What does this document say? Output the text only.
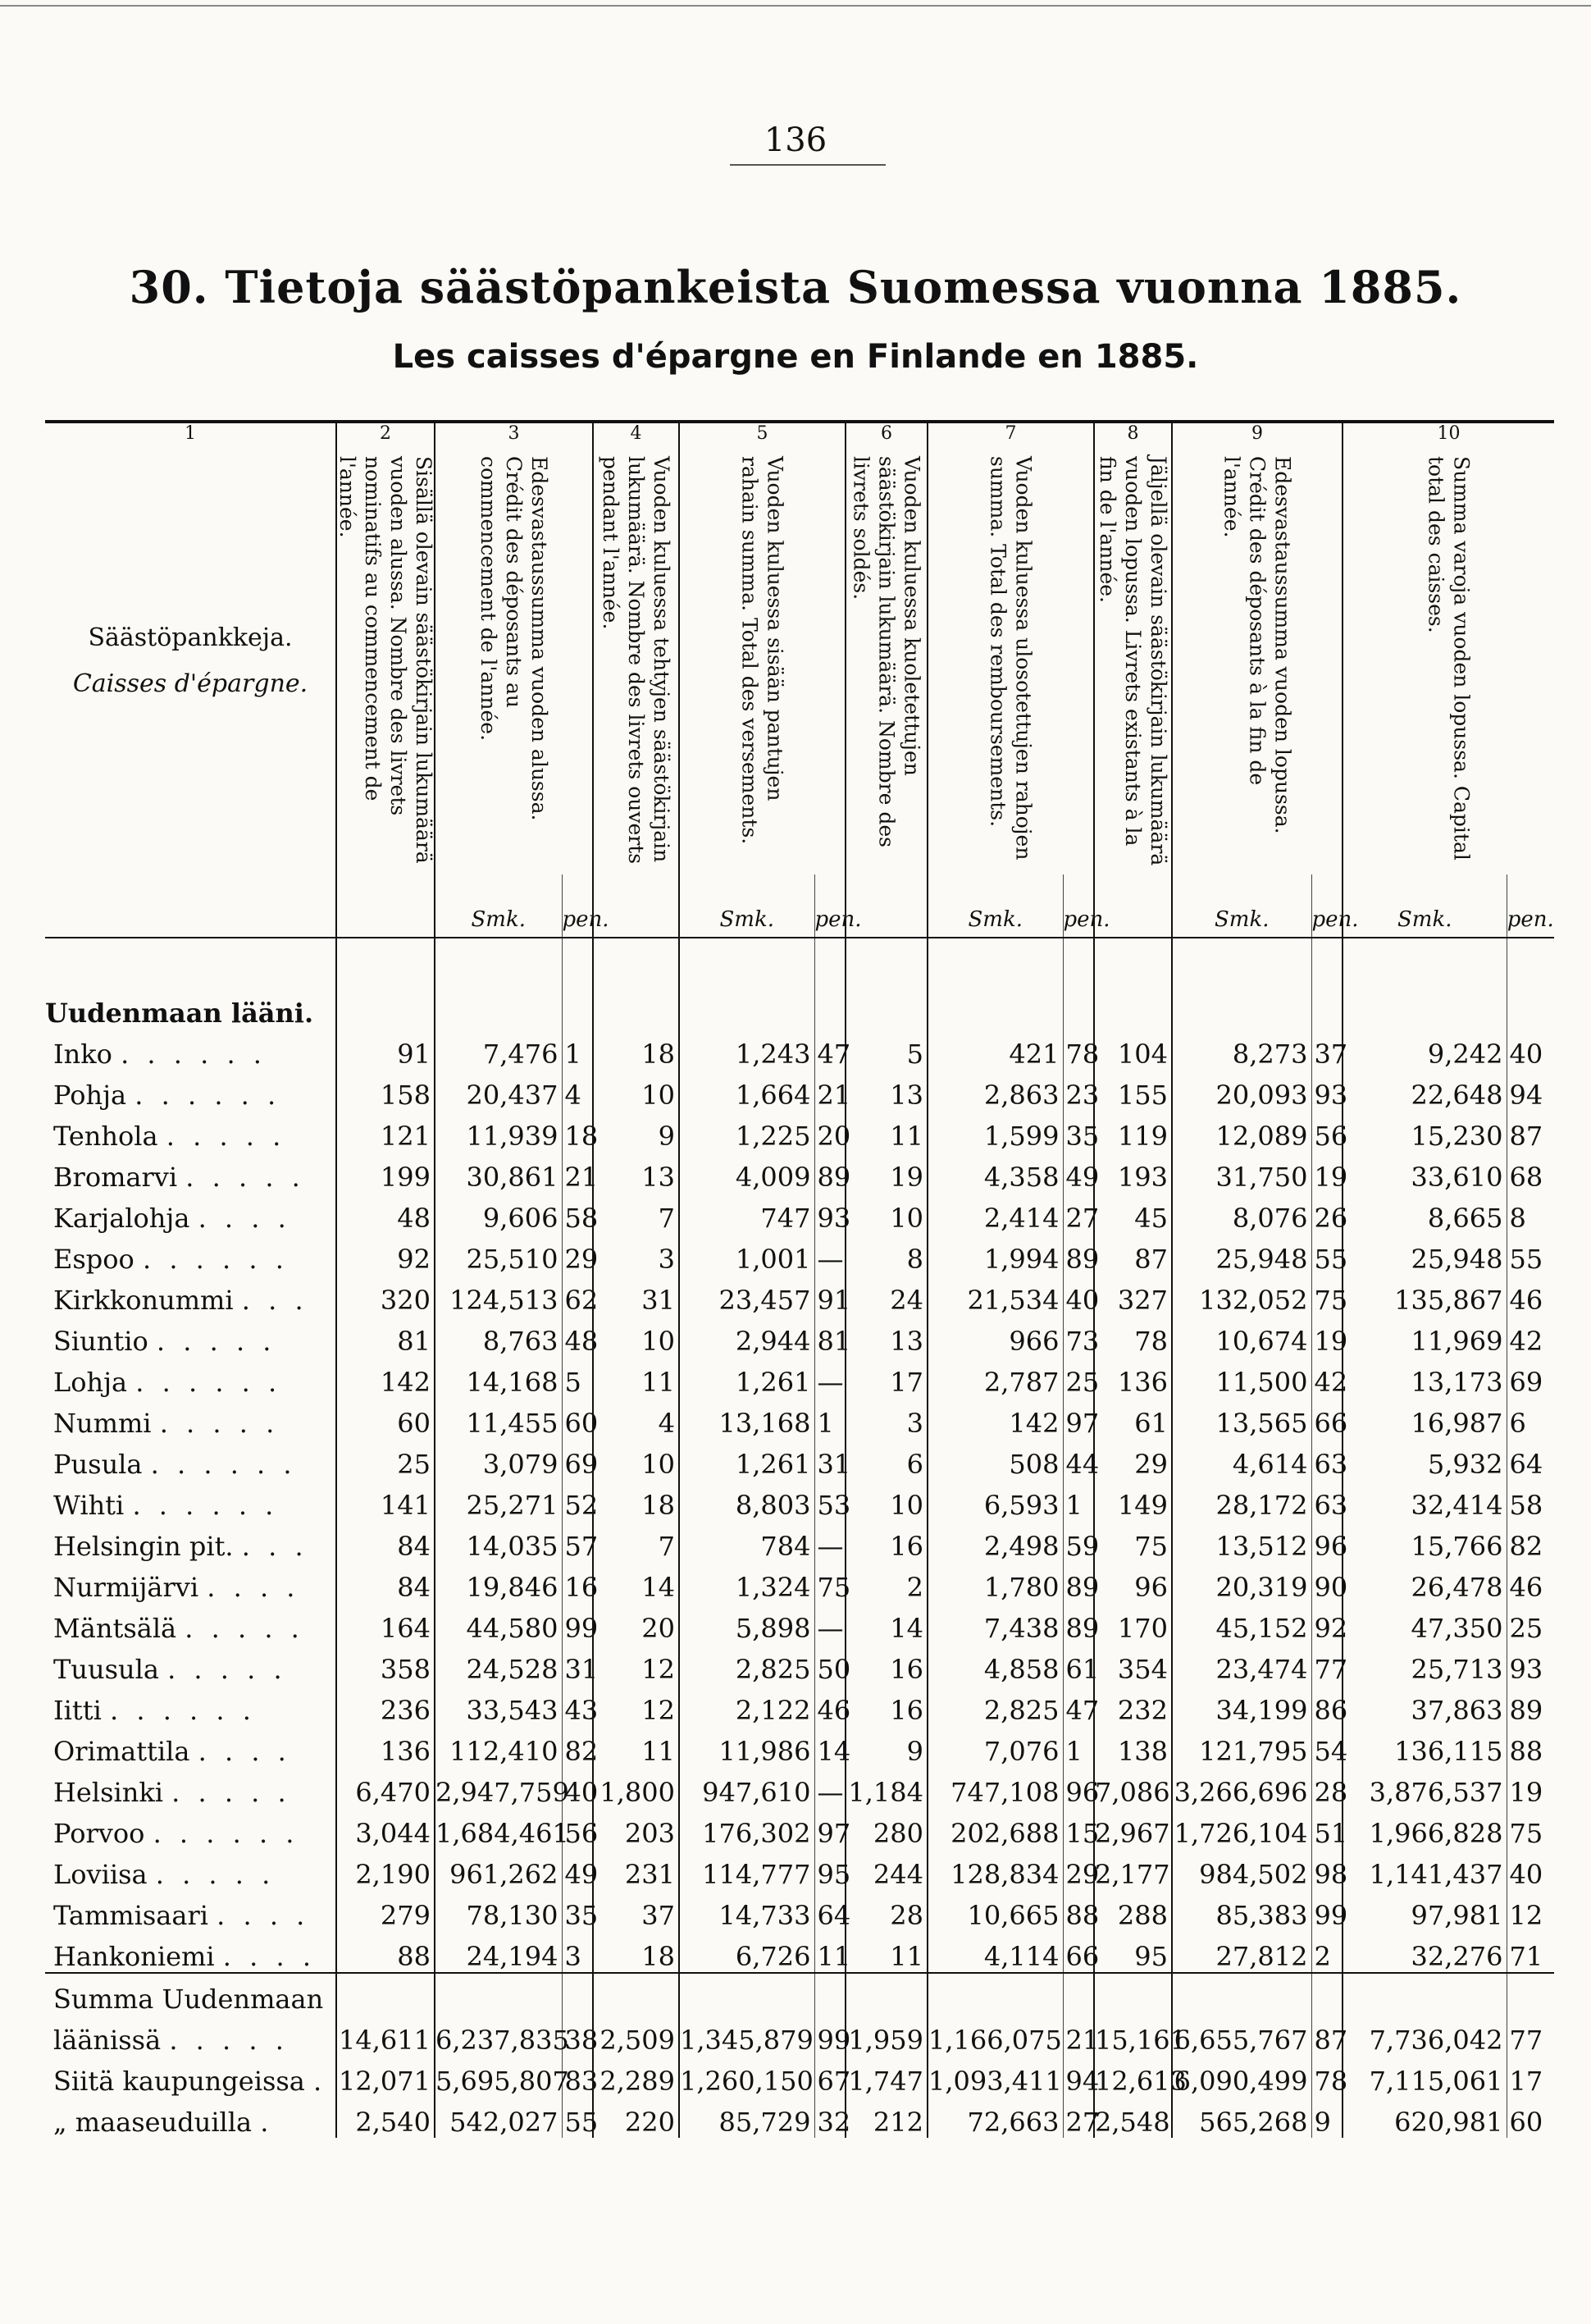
136
30. Tietoja säästöpankeista Suomessa vuonna 1885.
Les caisses d'épargne en Finlande en 1885.
1	2	3		4	5		6	7		8	9		10	
Säästöpankkeja.
Caisses d'épargne.	Sisällä olevain säästökirjain lukumäärä vuoden alussa. Nombre des livrets nominatifs au commencement de l'année.	Edesvastaussumma vuoden alussa. Crédit des déposants au commencement de l'année.		Vuoden kuluessa tehtyjen säästökirjain lukumäärä. Nombre des livrets ouverts pendant l'année.	Vuoden kuluessa sisään pantujen rahain summa. Total des versements.		Vuoden kuluessa kuoletettujen säästökirjain lukumäärä. Nombre des livrets soldés.	Vuoden kuluessa ulosotettujen rahojen summa. Total des remboursements.		Jäljellä olevain säästökirjain lukumäärä vuoden lopussa. Livrets existants à la fin de l'année.	Edesvastaussumma vuoden lopussa. Crédit des déposants à la fin de l'année.		Summa varoja vuoden lopussa. Capital total des caisses.	

		Smk.	pen.		Smk.	pen.		Smk.	pen.		Smk.	pen.	Smk.	pen.
Uudenmaan lääni.														
Inko . . . . . .	91	7,476	1	18	1,243	47	5	421	78	104	8,273	37	9,242	40
Pohja . . . . . .	158	20,437	4	10	1,664	21	13	2,863	23	155	20,093	93	22,648	94
Tenhola . . . . .	121	11,939	18	9	1,225	20	11	1,599	35	119	12,089	56	15,230	87
Bromarvi . . . . .	199	30,861	21	13	4,009	89	19	4,358	49	193	31,750	19	33,610	68
Karjalohja . . . .	48	9,606	58	7	747	93	10	2,414	27	45	8,076	26	8,665	8
Espoo . . . . . .	92	25,510	29	3	1,001	—	8	1,994	89	87	25,948	55	25,948	55
Kirkkonummi . . .	320	124,513	62	31	23,457	91	24	21,534	40	327	132,052	75	135,867	46
Siuntio . . . . .	81	8,763	48	10	2,944	81	13	966	73	78	10,674	19	11,969	42
Lohja . . . . . .	142	14,168	5	11	1,261	—	17	2,787	25	136	11,500	42	13,173	69
Nummi . . . . .	60	11,455	60	4	13,168	1	3	142	97	61	13,565	66	16,987	6
Pusula . . . . . .	25	3,079	69	10	1,261	31	6	508	44	29	4,614	63	5,932	64
Wihti . . . . . .	141	25,271	52	18	8,803	53	10	6,593	1	149	28,172	63	32,414	58
Helsingin pit. . . .	84	14,035	57	7	784	—	16	2,498	59	75	13,512	96	15,766	82
Nurmijärvi . . . .	84	19,846	16	14	1,324	75	2	1,780	89	96	20,319	90	26,478	46
Mäntsälä . . . . .	164	44,580	99	20	5,898	—	14	7,438	89	170	45,152	92	47,350	25
Tuusula . . . . .	358	24,528	31	12	2,825	50	16	4,858	61	354	23,474	77	25,713	93
Iitti . . . . . .	236	33,543	43	12	2,122	46	16	2,825	47	232	34,199	86	37,863	89
Orimattila . . . .	136	112,410	82	11	11,986	14	9	7,076	1	138	121,795	54	136,115	88
Helsinki . . . . .	6,470	2,947,759	40	1,800	947,610	—	1,184	747,108	96	7,086	3,266,696	28	3,876,537	19
Porvoo . . . . . .	3,044	1,684,461	56	203	176,302	97	280	202,688	15	2,967	1,726,104	51	1,966,828	75
Loviisa . . . . .	2,190	961,262	49	231	114,777	95	244	128,834	29	2,177	984,502	98	1,141,437	40
Tammisaari . . . .	279	78,130	35	37	14,733	64	28	10,665	88	288	85,383	99	97,981	12
Hankoniemi . . . .	88	24,194	3	18	6,726	11	11	4,114	66	95	27,812	2	32,276	71
Summa Uudenmaan														
läänissä . . . . .	14,611	6,237,835	38	2,509	1,345,879	99	1,959	1,166,075	21	15,161	6,655,767	87	7,736,042	77
Siitä kaupungeissa .	12,071	5,695,807	83	2,289	1,260,150	67	1,747	1,093,411	94	12,613	6,090,499	78	7,115,061	17
„ maaseuduilla .	2,540	542,027	55	220	85,729	32	212	72,663	27	2,548	565,268	9	620,981	60
